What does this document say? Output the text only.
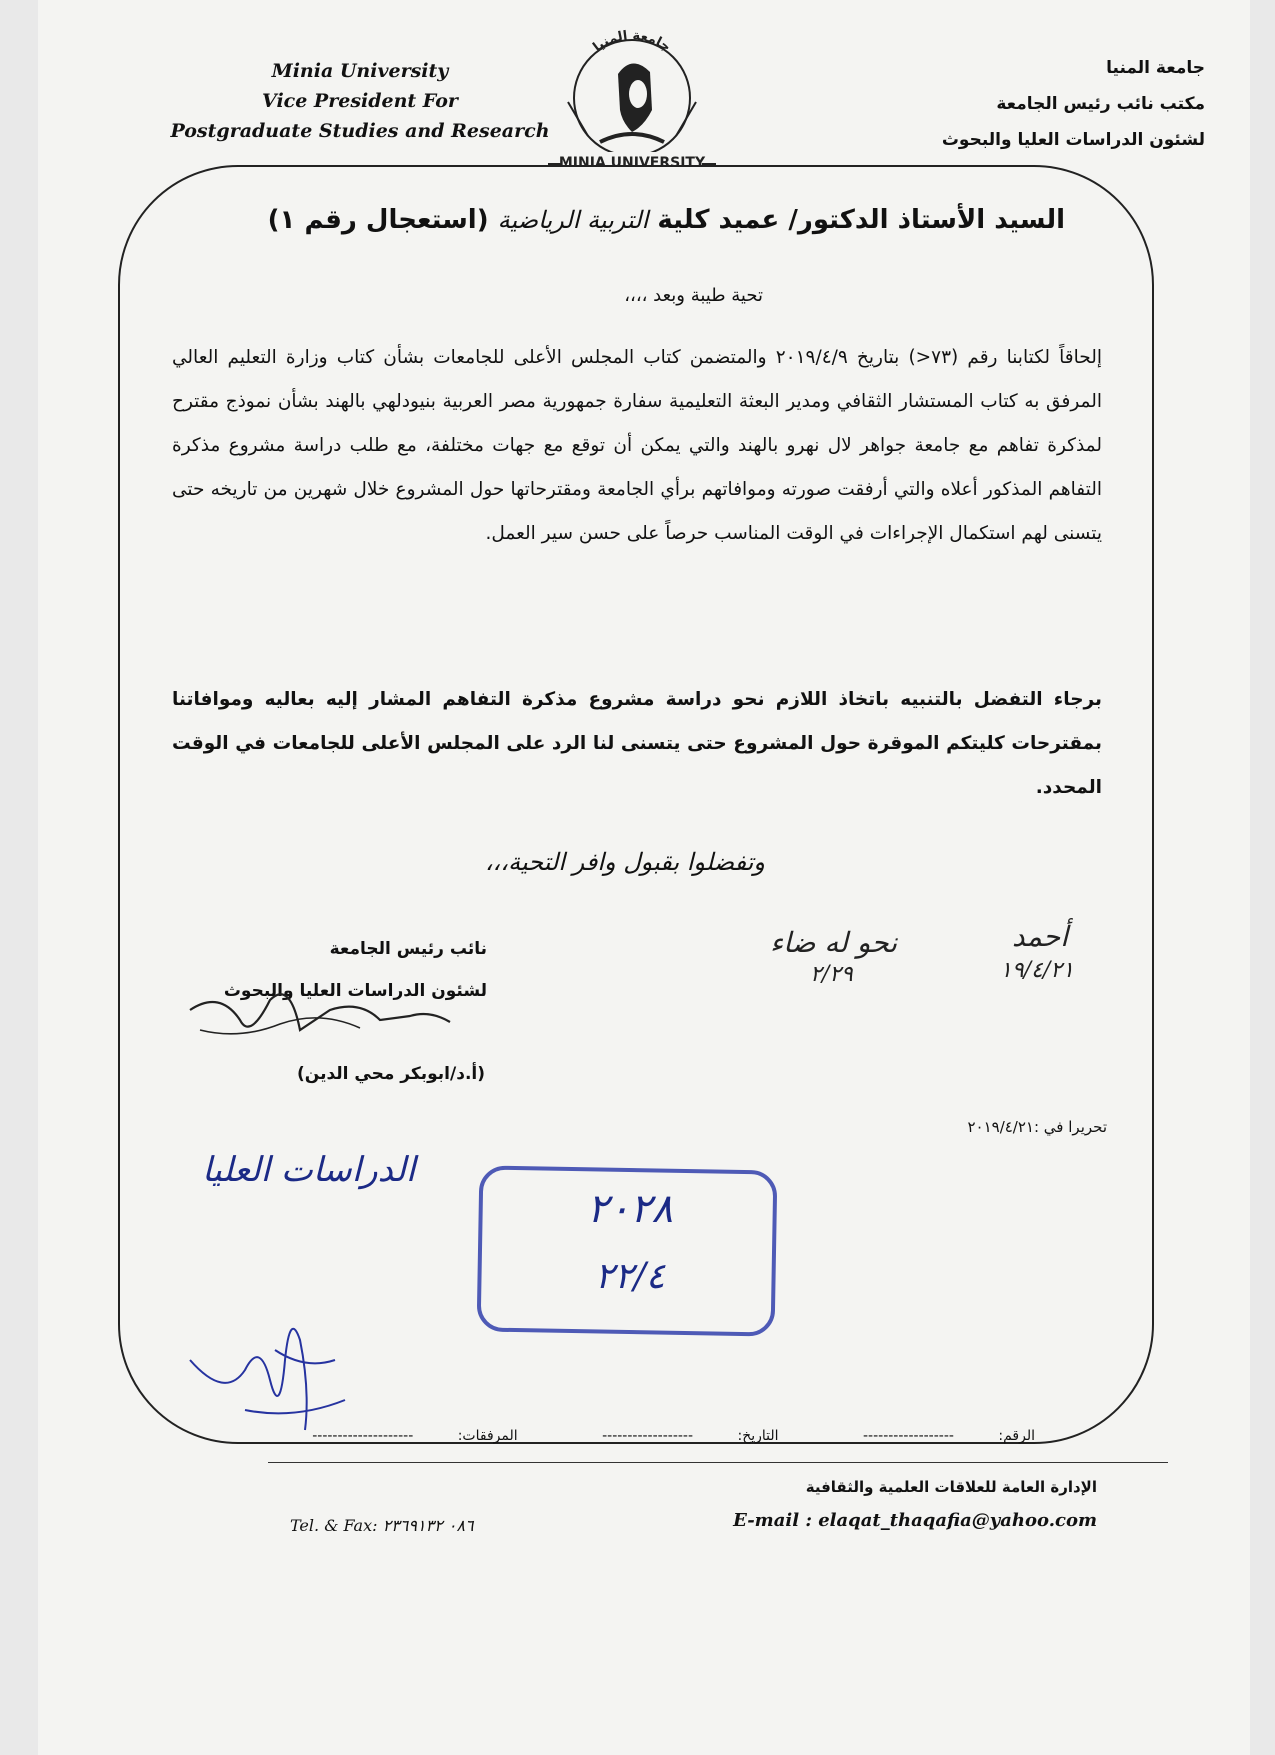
Minia University
Vice President For
Postgraduate Studies and Research
جامعة المنيا
MINIA UNIVERSITY
جامعة المنيا
مكتب نائب رئيس الجامعة
لشئون الدراسات العليا والبحوث
السيد الأستاذ الدكتور/ عميد كلية التربية الرياضية (استعجال رقم ١)
تحية طيبة وبعد ،،،،
إلحاقاً لكتابنا رقم (٧٣<) بتاريخ ٢٠١٩/٤/٩ والمتضمن كتاب المجلس الأعلى للجامعات بشأن كتاب وزارة التعليم العالي المرفق به كتاب المستشار الثقافي ومدير البعثة التعليمية سفارة جمهورية مصر العربية بنيودلهي بالهند بشأن نموذج مقترح لمذكرة تفاهم مع جامعة جواهر لال نهرو بالهند والتي يمكن أن توقع مع جهات مختلفة، مع طلب دراسة مشروع مذكرة التفاهم المذكور أعلاه والتي أرفقت صورته وموافاتهم برأي الجامعة ومقترحاتها حول المشروع خلال شهرين من تاريخه حتى يتسنى لهم استكمال الإجراءات في الوقت المناسب حرصاً على حسن سير العمل.
برجاء التفضل بالتنبيه باتخاذ اللازم نحو دراسة مشروع مذكرة التفاهم المشار إليه بعاليه وموافاتنا بمقترحات كليتكم الموقرة حول المشروع حتى يتسنى لنا الرد على المجلس الأعلى للجامعات في الوقت المحدد.
وتفضلوا بقبول وافر التحية،،،
نحو له ضاء
٢/٢٩
أحمد
١٩/٤/٢١
نائب رئيس الجامعة
لشئون الدراسات العليا والبحوث
(أ.د/ابوبكر محي الدين)
تحريرا في :٢٠١٩/٤/٢١
الدراسات العليا
٢٠٢٨
٢٢/٤
الرقم: ------------------ التاريخ: ------------------ المرفقات: --------------------
الإدارة العامة للعلاقات العلمية والثقافية
E-mail : elaqat_thaqafia@yahoo.com
Tel. & Fax: ٠٨٦ ٢٣٦٩١٣٢
